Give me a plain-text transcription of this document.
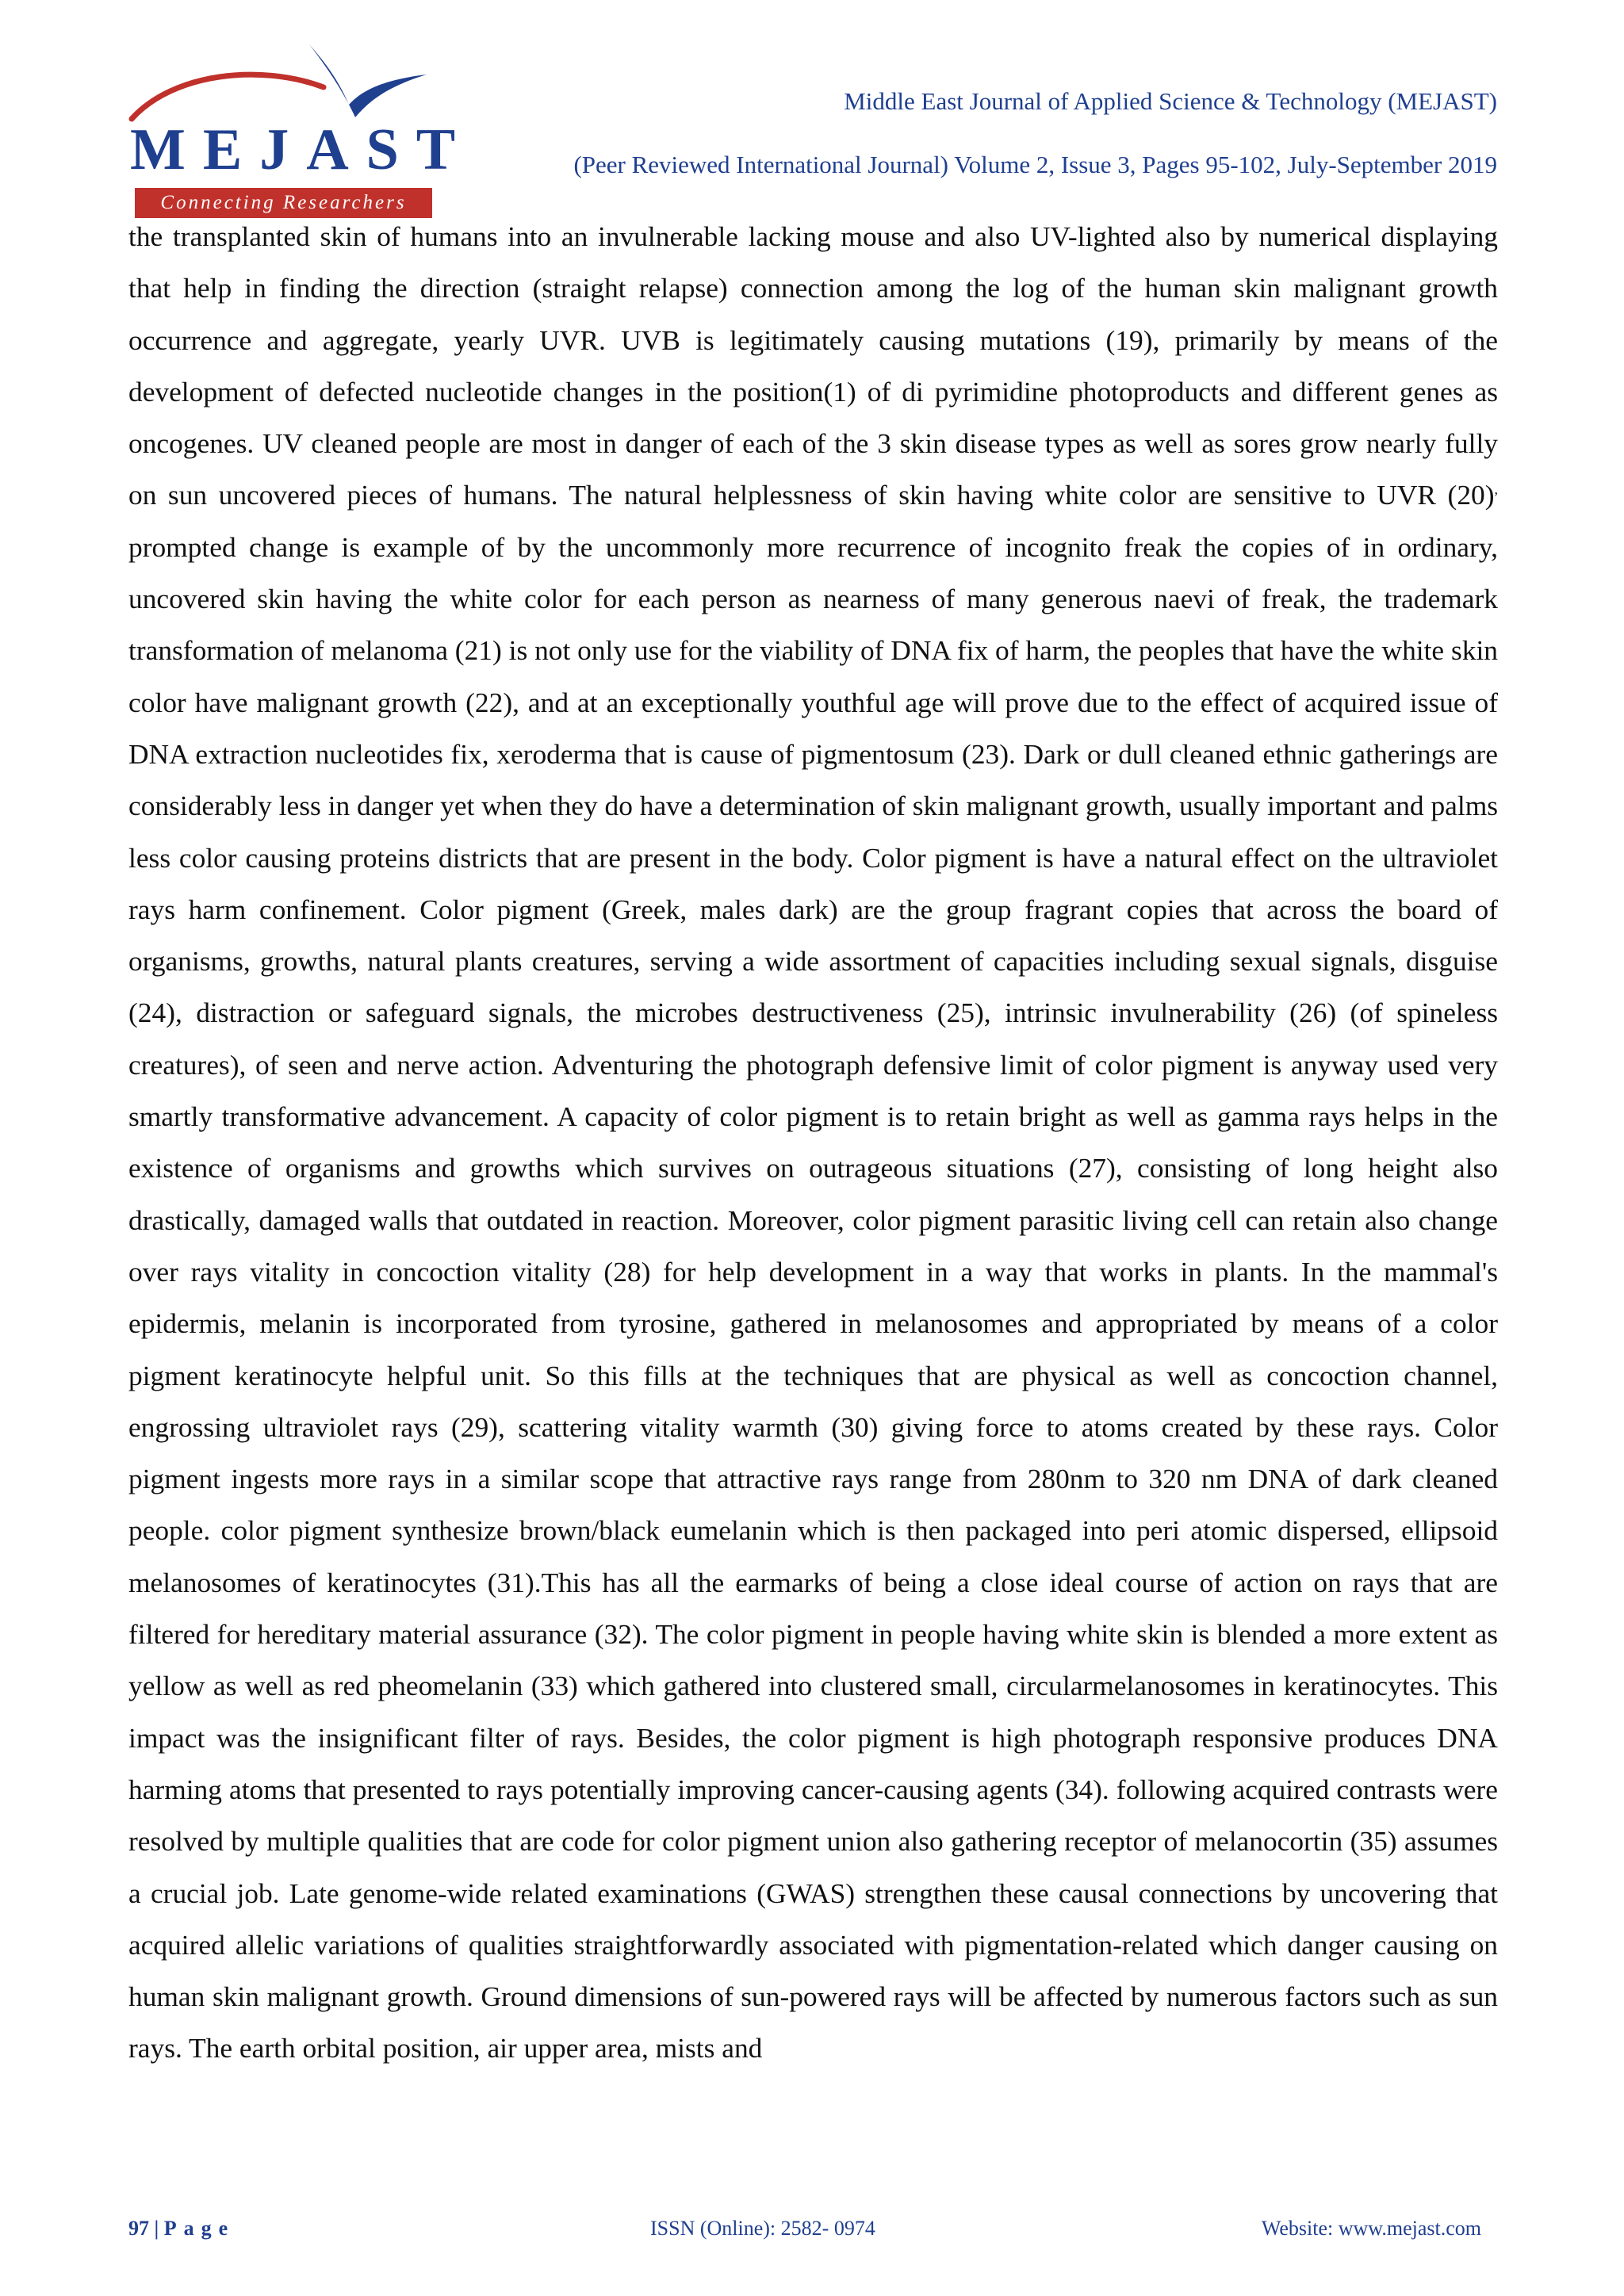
MEJAST
Connecting Researchers
Middle East Journal of Applied Science & Technology (MEJAST)
(Peer Reviewed International Journal) Volume 2, Issue 3, Pages 95-102, July-September 2019

the transplanted skin of humans into an invulnerable lacking mouse and also UV-lighted also by numerical displaying that help in finding the direction (straight relapse) connection among the log of the human skin malignant growth occurrence and aggregate, yearly UVR. UVB is legitimately causing mutations (19), primarily by means of the development of defected nucleotide changes in the position(1) of di pyrimidine photoproducts and different genes as oncogenes. UV cleaned people are most in danger of each of the 3 skin disease types as well as sores grow nearly fully on sun uncovered pieces of humans. The natural helplessness of skin having white color are sensitive to UVR (20), prompted change is example of by the uncommonly more recurrence of incognito freak the copies of in ordinary, uncovered skin having the white color for each person as nearness of many generous naevi of freak, the trademark transformation of melanoma (21) is not only use for the viability of DNA fix of harm, the peoples that have the white skin color have malignant growth (22), and at an exceptionally youthful age will prove due to the effect of acquired issue of DNA extraction nucleotides fix, xeroderma that is cause of pigmentosum (23). Dark or dull cleaned ethnic gatherings are considerably less in danger yet when they do have a determination of skin malignant growth, usually important and palms less color causing proteins districts that are present in the body. Color pigment is have a natural effect on the ultraviolet rays harm confinement. Color pigment (Greek, males dark) are the group fragrant copies that across the board of organisms, growths, natural plants creatures, serving a wide assortment of capacities including sexual signals, disguise (24), distraction or safeguard signals, the microbes destructiveness (25), intrinsic invulnerability (26) (of spineless creatures), of seen and nerve action. Adventuring the photograph defensive limit of color pigment is anyway used very smartly transformative advancement. A capacity of color pigment is to retain bright as well as gamma rays helps in the existence of organisms and growths which survives on outrageous situations (27), consisting of long height also drastically, damaged walls that outdated in reaction. Moreover, color pigment parasitic living cell can retain also change over rays vitality in concoction vitality (28) for help development in a way that works in plants. In the mammal's epidermis, melanin is incorporated from tyrosine, gathered in melanosomes and appropriated by means of a color pigment keratinocyte helpful unit. So this fills at the techniques that are physical as well as concoction channel, engrossing ultraviolet rays (29), scattering vitality warmth (30) giving force to atoms created by these rays. Color pigment ingests more rays in a similar scope that attractive rays range from 280nm to 320 nm DNA of dark cleaned people. color pigment synthesize brown/black eumelanin which is then packaged into peri atomic dispersed, ellipsoid melanosomes of keratinocytes (31).This has all the earmarks of being a close ideal course of action on rays that are filtered for hereditary material assurance (32). The color pigment in people having white skin is blended a more extent as yellow as well as red pheomelanin (33) which gathered into clustered small, circularmelanosomes in keratinocytes. This impact was the insignificant filter of rays. Besides, the color pigment is high photograph responsive produces DNA harming atoms that presented to rays potentially improving cancer-causing agents (34). following acquired contrasts were resolved by multiple qualities that are code for color pigment union also gathering receptor of melanocortin (35) assumes a crucial job. Late genome-wide related examinations (GWAS) strengthen these causal connections by uncovering that acquired allelic variations of qualities straightforwardly associated with pigmentation-related which danger causing on human skin malignant growth. Ground dimensions of sun-powered rays will be affected by numerous factors such as sun rays. The earth orbital position, air upper area, mists and

97 | Page	ISSN (Online): 2582- 0974	Website: www.mejast.com
